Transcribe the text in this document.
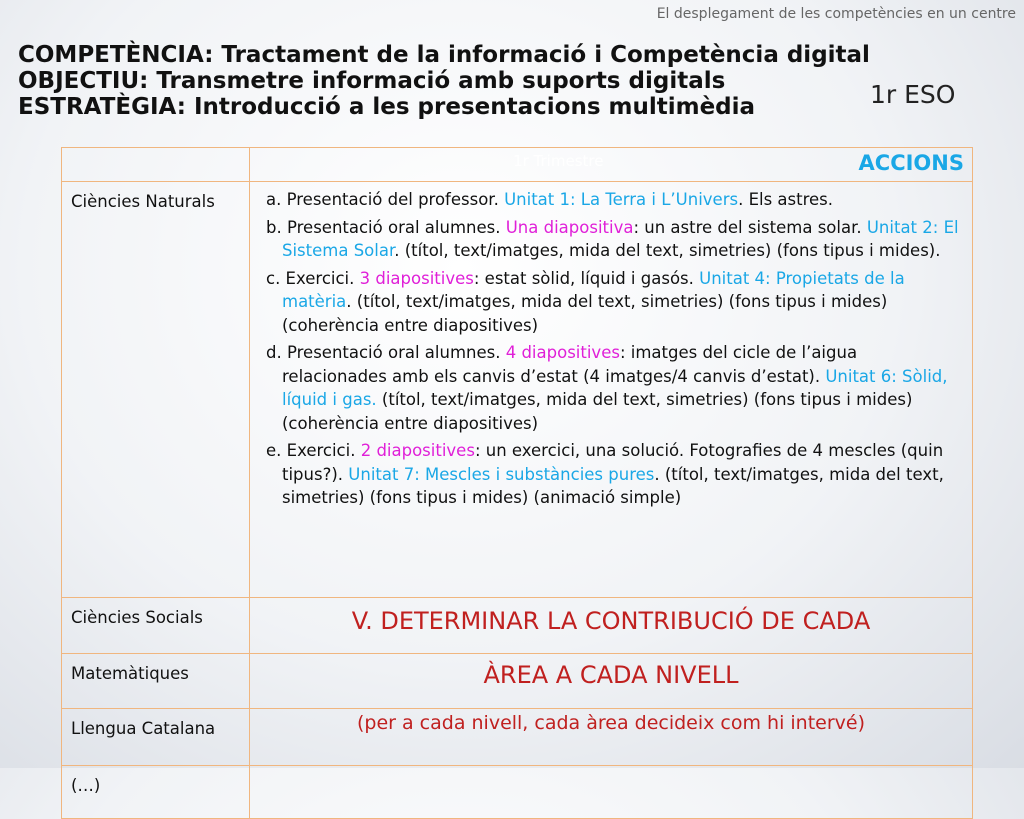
El desplegament de les competències en un centre
COMPETÈNCIA: Tractament de la informació i Competència digital
OBJECTIU: Transmetre informació amb suports digitals
ESTRATÈGIA: Introducció a les presentacions multimèdia	1r ESO

	ACCIONS
1r Trimestre

Ciències Naturals	a. Presentació del professor. Unitat 1: La Terra i L’Univers. Els astres.
b. Presentació oral alumnes. Una diapositiva: un astre del sistema solar. Unitat 2: El Sistema Solar. (títol, text/imatges, mida del text, simetries) (fons tipus i mides).
c. Exercici. 3 diapositives: estat sòlid, líquid i gasós. Unitat 4: Propietats de la matèria. (títol, text/imatges, mida del text, simetries) (fons tipus i mides) (coherència entre diapositives)
d. Presentació oral alumnes. 4 diapositives: imatges del cicle de l’aigua relacionades amb els canvis d’estat (4 imatges/4 canvis d’estat). Unitat 6: Sòlid, líquid i gas. (títol, text/imatges, mida del text, simetries) (fons tipus i mides) (coherència entre diapositives)
e. Exercici. 2 diapositives: un exercici, una solució. Fotografies de 4 mescles (quin tipus?). Unitat 7: Mescles i substàncies pures. (títol, text/imatges, mida del text, simetries) (fons tipus i mides) (animació simple)

Ciències Socials	V. DETERMINAR LA CONTRIBUCIÓ DE CADA

Matemàtiques	ÀREA A CADA NIVELL

Llengua Catalana	(per a cada nivell, cada àrea decideix com hi intervé)

(…)	
